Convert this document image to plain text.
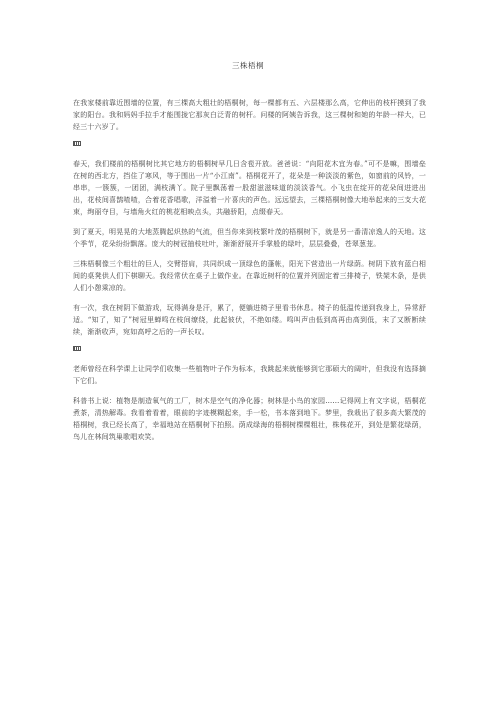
三株梧桐

在我家楼前靠近围墙的位置，有三棵高大粗壮的梧桐树，每一棵都有五、六层楼那么高，它伸出的枝杆摸到了我家的阳台。我和妈妈手拉手才能围拢它那灰白泛青的树杆。问楼的阿姨告诉我，这三棵树和她的年龄一样大，已经三十六岁了。

春天，我们楼前的梧桐树比其它地方的梧桐树早几日含苞开放。爸爸说：“向阳花木宜为春。”可不是嘛，围墙垒在树的西北方，挡住了寒风，等于围出一片“小江南”。梧桐花开了，花朵是一种淡淡的紫色，如窗前的风铃，一串串，一簇簇，一团团，满枝满丫。院子里飘荡着一股甜滋滋味道的淡淡香气。小飞虫在绽开的花朵间进进出出，花枝间喜鹊喳喳，合着花香唱歌，洋溢着一片喜庆的声色。远远望去，三棵梧桐树像大地举起来的三支大花束，绚丽夺目，与墙角火红的桃花相映点头，共融骄阳，点缀春天。

到了夏天，明晃晃的大地蒸腾起炽热的气流，但当你来到枝繁叶茂的梧桐树下，就是另一番清凉逸人的天地。这个季节，花朵纷纷飘落。庞大的树冠抽枝吐叶，渐渐舒展开手掌般的绿叶，层层叠叠，苍翠葱茏。

三株梧桐像三个粗壮的巨人，交臂搭肩，共同织成一顶绿色的蓬帐，阳光下营造出一片绿荫。树阴下放有蓝白相间的桌凳供人们下棋聊天。我经常伏在桌子上做作业。在靠近树杆的位置并列固定着三排椅子，铁架木条，是供人们小憩乘凉的。

有一次，我在树阴下做游戏，玩得满身是汗，累了，便躺进椅子里看书休息。椅子的低温传递到我身上，异常舒适。“知了，知了”树冠里蝉鸣在枝间缭绕，此起彼伏，不绝如缕。鸣叫声由低到高再由高到低，末了又断断续续，渐渐收声，宛如高呼之后的一声长叹。

老师曾经在科学课上让同学们收集一些植物叶子作为标本，我跳起来就能够到它那硕大的阔叶，但我没有选择摘下它们。

科普书上说：植物是制造氧气的工厂，树木是空气的净化器；树林是小鸟的家园……记得网上有文字说，梧桐花煮茶，清热解毒。我看着看着，眼前的字迹模糊起来，手一松，书本落到地下。梦里，我栽出了很多高大繁茂的梧桐树，我已经长高了，幸福地站在梧桐树下拍照。荫成绿海的梧桐树棵棵粗壮，株株花开，到处是繁花绿荫，鸟儿在林间筑巢歌唱欢笑。
